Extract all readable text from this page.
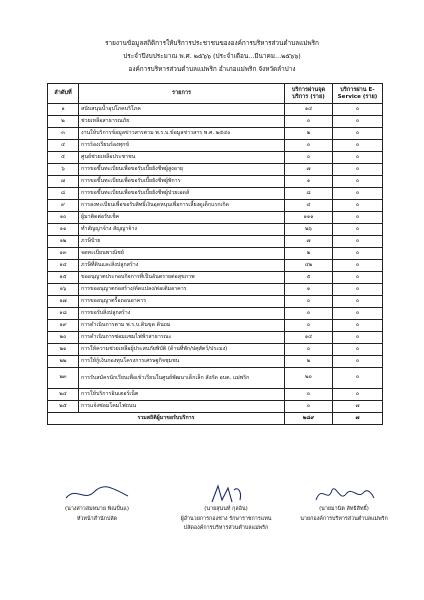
รายงานข้อมูลสถิติการให้บริการประชาชนขององค์การบริหารส่วนตำบลแม่พริก
ประจำปีงบประมาณ พ.ศ. ๒๕๖๖ (ประจำเดือน...มีนาคม...๒๕๖๖)
องค์การบริหารส่วนตำบลแม่พริก อำเภอแม่พริก จังหวัดลำปาง
ลำดับที่	รายการ	บริการผ่านจุดบริการ (ราย)	บริการผ่าน E-Service (ราย)
๑	สนับสนุนน้ำอุปโภคบริโภค	๑๔	๐
๒	ช่วยเหลือสาธารณภัย	๐	๐
๓	งานให้บริการข้อมูลข่าวสารตาม พ.ร.บ.ข้อมูลข่าวสาร พ.ศ. ๒๕๔๐	๒	๐
๔	การร้องเรียนร้องทุกข์	๐	๐
๕	ศูนย์ช่วยเหลือประชาชน	๐	๐
๖	การขอขึ้นทะเบียนเพื่อขอรับเบี้ยยังชีพผู้สูงอายุ	๗	๐
๗	การขอขึ้นทะเบียนเพื่อขอรับเบี้ยยังชีพผู้พิการ	๑	๐
๘	การขอขึ้นทะเบียนเพื่อขอรับเบี้ยยังชีพผู้ป่วยเอดส์	๘	๐
๙	การลงทะเบียนเพื่อขอรับสิทธิ์เงินอุดหนุนเพื่อการเลี้ยงดูเด็กแรกเกิด	๔	๐
๑๐	ผู้มาติดต่อรับเช็ค	๑๑๑	๐
๑๑	ทำสัญญาจ้าง สัญญาจ้าง	๒๖	๐
๑๒	ภาษีป้าย	๗	๐
๑๓	จดทะเบียนพาณิชย์	๒	๐
๑๔	ภาษีที่ดินและสิ่งปลูกสร้าง	๔๒	๐
๑๕	ขออนุญาตประกอบกิจการที่เป็นอันตรายต่อสุขภาพ	๕	๐
๑๖	การขออนุญาตก่อสร้าง/ดัดแปลง/ต่อเติมอาคาร	๑	๐
๑๗	การขออนุญาตรื้อถอนอาคาร	๐	๐
๑๘	การขอรับสิ่งปลูกสร้าง	๐	๐
๑๙	การดำเนินการตาม พ.ร.บ.ดินขุด ดินถม	๐	๐
๒๐	การดำเนินการซ่อมแซมไฟฟ้าสาธารณะ	๑๔	๐
๒๑	การให้ความช่วยเหลือผู้ประสบภัยพิบัติ (ด้านที่พัก/ปศุสัตว์/ประมง)	๐	๐
๒๒	การให้กู้เงินกองทุนโครงการเศรษฐกิจชุมชน	๒	๐
๒๓	การรับสมัครนักเรียนเพื่อเข้าเรียนในศูนย์พัฒนาเด็กเล็ก สังกัด อบต. แม่พริก	๒๐	๐
๒๔	การให้บริการอินเตอร์เน็ต	๐	๐
๒๕	การแจ้งซ่อมโคมไฟถนน	๐	๗
รวมสถิติผู้มาขอรับบริการ		๒๘๙	๗
(นางสาวสมหมาย พิณปั่นแ)
หัวหน้าสำนักปลัด
(นายสุนนท์ กุลอิน)
ผู้อำนวยการกองช่าง รักษาราชการแทน
ปลัดองค์การบริหารส่วนตำบลแม่พริก
(นายมานิต ลัทธิสิทธิ์)
นายกองค์การบริหารส่วนตำบลแม่พริก
